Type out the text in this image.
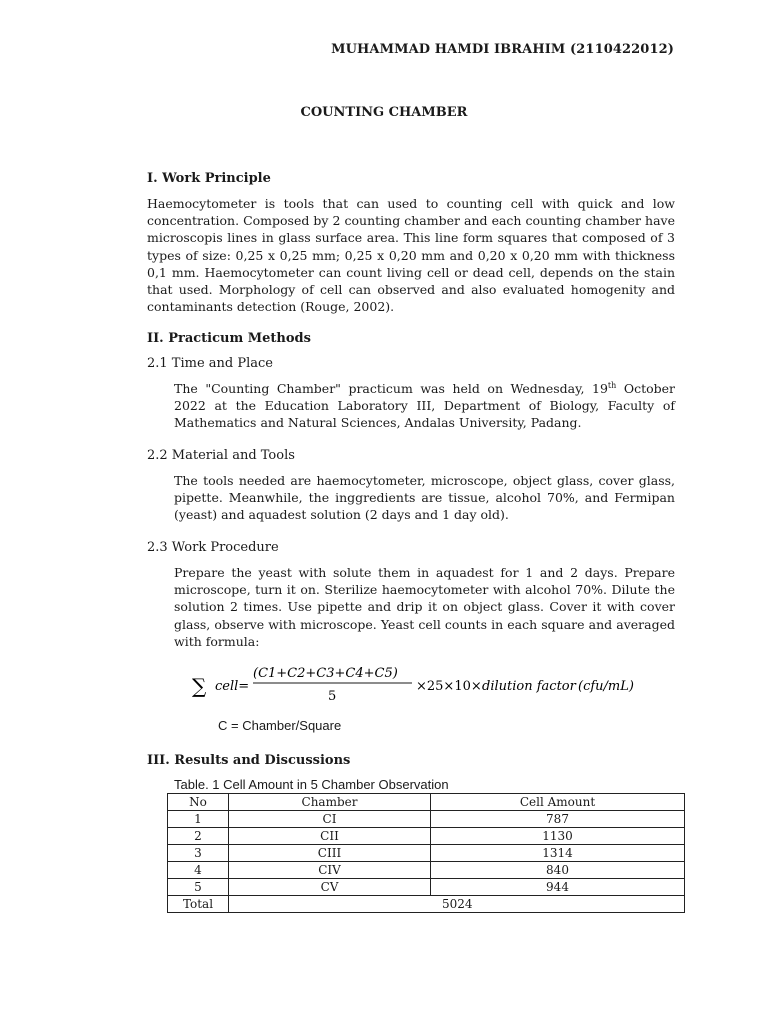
MUHAMMAD HAMDI IBRAHIM (2110422012)
COUNTING CHAMBER
I. Work Principle
Haemocytometer is tools that can used to counting cell with quick and low concentration. Composed by 2 counting chamber and each counting chamber have microscopis lines in glass surface area. This line form squares that composed of 3 types of size: 0,25 x 0,25 mm; 0,25 x 0,20 mm and 0,20 x 0,20 mm with thickness 0,1 mm. Haemocytometer can count living cell or dead cell, depends on the stain that used. Morphology of cell can observed and also evaluated homogenity and contaminants detection (Rouge, 2002).
II. Practicum Methods
2.1 Time and Place
The "Counting Chamber" practicum was held on Wednesday, 19th October 2022 at the Education Laboratory III, Department of Biology, Faculty of Mathematics and Natural Sciences, Andalas University, Padang.
2.2 Material and Tools
The tools needed are haemocytometer, microscope, object glass, cover glass, pipette. Meanwhile, the inggredients are tissue, alcohol 70%, and Fermipan (yeast) and aquadest solution (2 days and 1 day old).
2.3 Work Procedure
Prepare the yeast with solute them in aquadest for 1 and 2 days. Prepare microscope, turn it on. Sterilize haemocytometer with alcohol 70%. Dilute the solution 2 times. Use pipette and drip it on object glass. Cover it with cover glass, observe with microscope. Yeast cell counts in each square and averaged with formula:
∑ cell=
(C1+C2+C3+C4+C5)
5
×25×10× dilution factor (cfu/mL)
C = Chamber/Square
III. Results and Discussions
Table. 1 Cell Amount in 5 Chamber Observation
No	Chamber	Cell Amount
1	CI	787
2	CII	1130
3	CIII	1314
4	CIV	840
5	CV	944
Total	5024	
